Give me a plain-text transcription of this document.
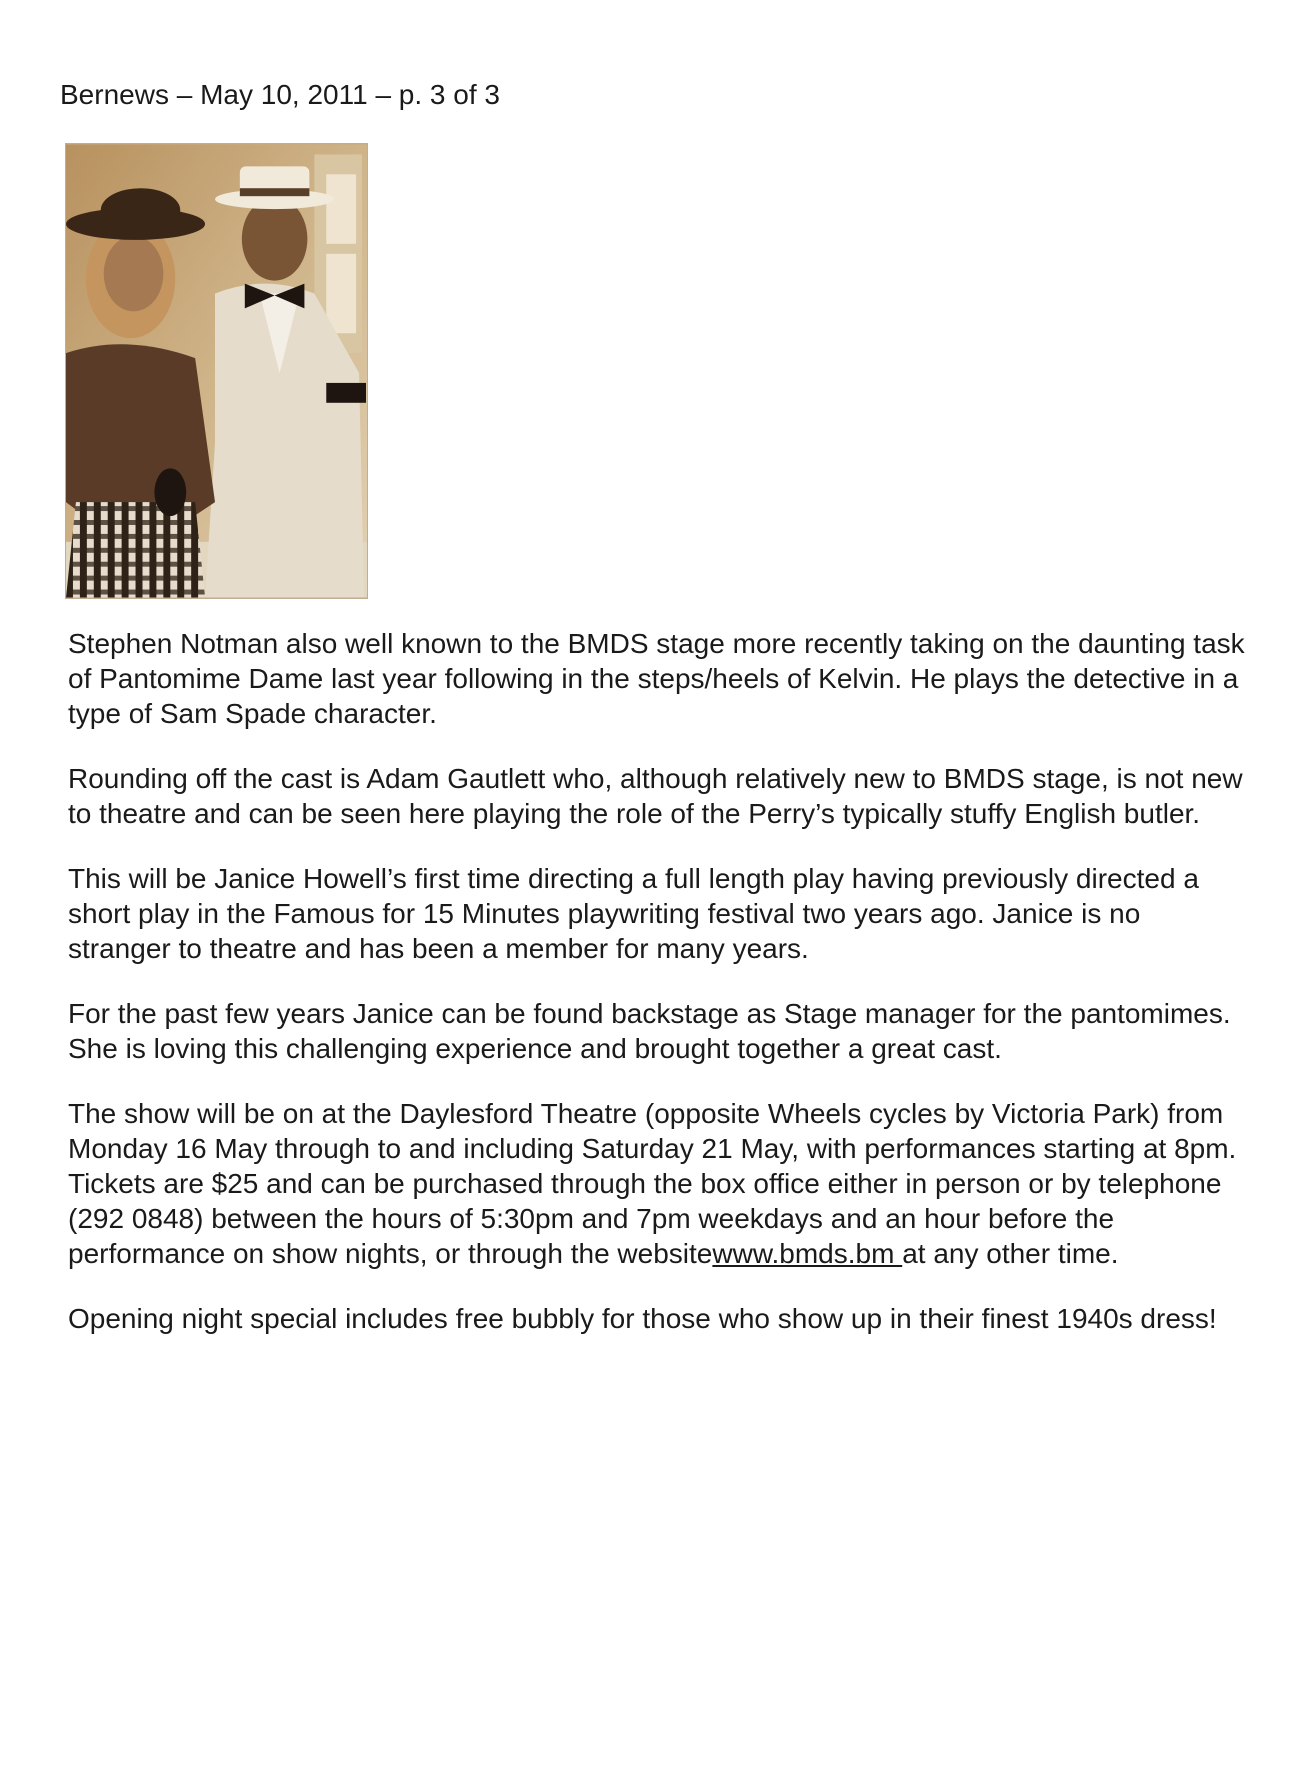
Bernews – May 10, 2011 – p. 3 of 3

Stephen Notman also well known to the BMDS stage more recently taking on the daunting task of Pantomime Dame last year following in the steps/heels of Kelvin. He plays the detective in a type of Sam Spade character.

Rounding off the cast is Adam Gautlett who, although relatively new to BMDS stage, is not new to theatre and can be seen here playing the role of the Perry’s typically stuffy English butler.

This will be Janice Howell’s first time directing a full length play having previously directed a short play in the Famous for 15 Minutes playwriting festival two years ago. Janice is no stranger to theatre and has been a member for many years.

For the past few years Janice can be found backstage as Stage manager for the pantomimes. She is loving this challenging experience and brought together a great cast.

The show will be on at the Daylesford Theatre (opposite Wheels cycles by Victoria Park) from Monday 16 May through to and including Saturday 21 May, with performances starting at 8pm. Tickets are $25 and can be purchased through the box office either in person or by telephone (292 0848) between the hours of 5:30pm and 7pm weekdays and an hour before the performance on show nights, or through the websitewww.bmds.bm at any other time.

Opening night special includes free bubbly for those who show up in their finest 1940s dress!
